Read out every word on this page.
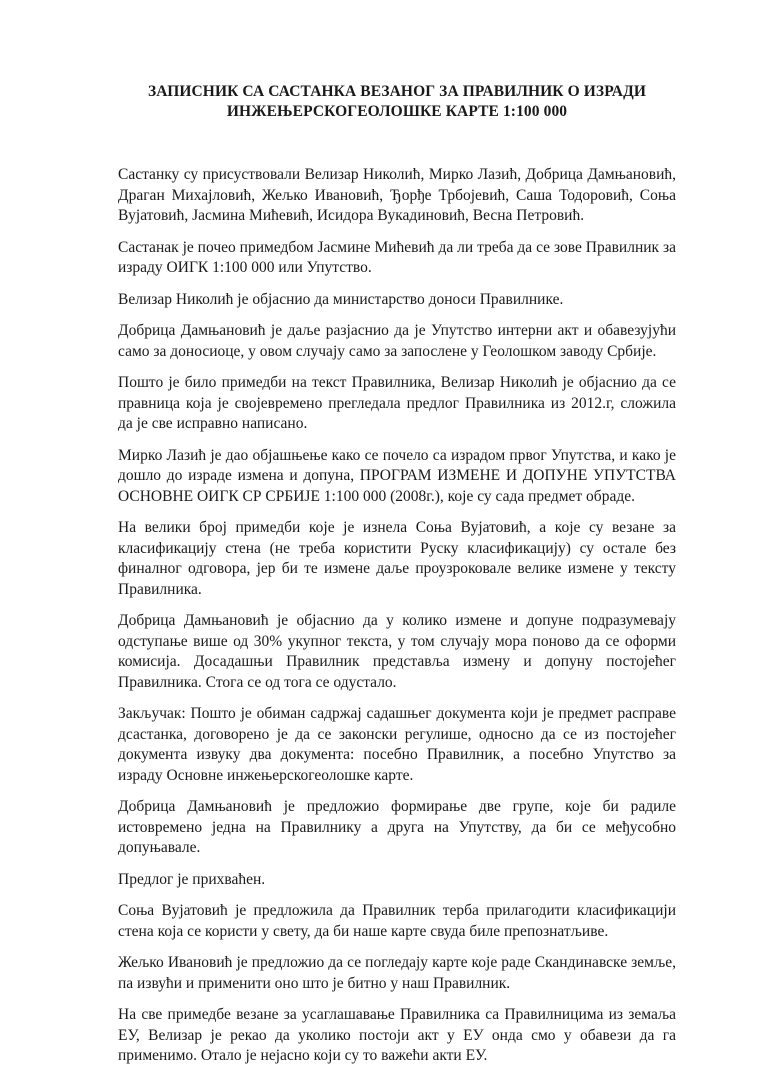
ЗАПИСНИК СА САСТАНКА ВЕЗАНОГ ЗА ПРАВИЛНИК О ИЗРАДИ
ИНЖЕЊЕРСКОГЕОЛОШКЕ КАРТЕ 1:100 000

Састанку су присуствовали Велизар Николић, Мирко Лазић, Добрица Дамњановић, Драган Михајловић, Жељко Ивановић, Ђорђе Трбојевић, Саша Тодоровић, Соња Вујатовић, Јасмина Мићевић, Исидора Вукадиновић, Весна Петровић.

Састанак је почео примедбом Јасмине Мићевић да ли треба да се зове Правилник за израду ОИГК 1:100 000 или Упутство.

Велизар Николић је објаснио да министарство доноси Правилнике.

Добрица Дамњановић је даље разјаснио да је Упутство интерни акт и обавезујући само за доносиоце, у овом случају само за запослене у Геолошком заводу Србије.

Пошто је било примедби на текст Правилника, Велизар Николић је објаснио да се правница која је својевремено прегледала предлог Правилника из 2012.г, сложила да је све исправно написано.

Мирко Лазић је дао објашњење како се почело са израдом првог Упутства, и како је дошло до израде измена и допуна, ПРОГРАМ ИЗМЕНЕ И ДОПУНЕ УПУТСТВА ОСНОВНЕ ОИГК СР СРБИЈЕ 1:100 000 (2008г.), које су сада предмет обраде.

На велики број примедби које је изнела Соња Вујатовић, а које су везане за класификацију стена (не треба користити Руску класификацију) су остале без финалног одговора, јер би те измене даље проузроковале велике измене у тексту Правилника.

Добрица Дамњановић је објаснио да у колико измене и допуне подразумевају одступање више од 30% укупног текста, у том случају мора поново да се оформи комисија. Досадашњи Правилник представља измену и допуну постојећег Правилника. Стога се од тога се одустало.

Закључак: Пошто је обиман садржај садашњег документа који је предмет расправе дсастанка, договорено је да се законски регулише, односно да се из постојећег документа извуку два документа: посебно Правилник, а посебно Упутство за израду Основне инжењерскогеолошке карте.

Добрица Дамњановић је предложио формирање две групе, које би радиле истовремено једна на Правилнику а друга на Упутству, да би се међусобно допуњавале.

Предлог је прихваћен.

Соња Вујатовић је предложила да Правилник терба прилагодити класификацији стена која се користи у свету, да би наше карте свуда биле препознатљиве.

Жељко Ивановић је предложио да се погледају карте које раде Скандинавске земље, па извући и применити оно што је битно у наш Правилник.

На све примедбе везане за усаглашавање Правилника са Правилницима из земаља ЕУ, Велизар је рекао да уколико постоји акт у ЕУ онда смо у обавези да га применимо. Отало је нејасно који су то важећи акти ЕУ.
